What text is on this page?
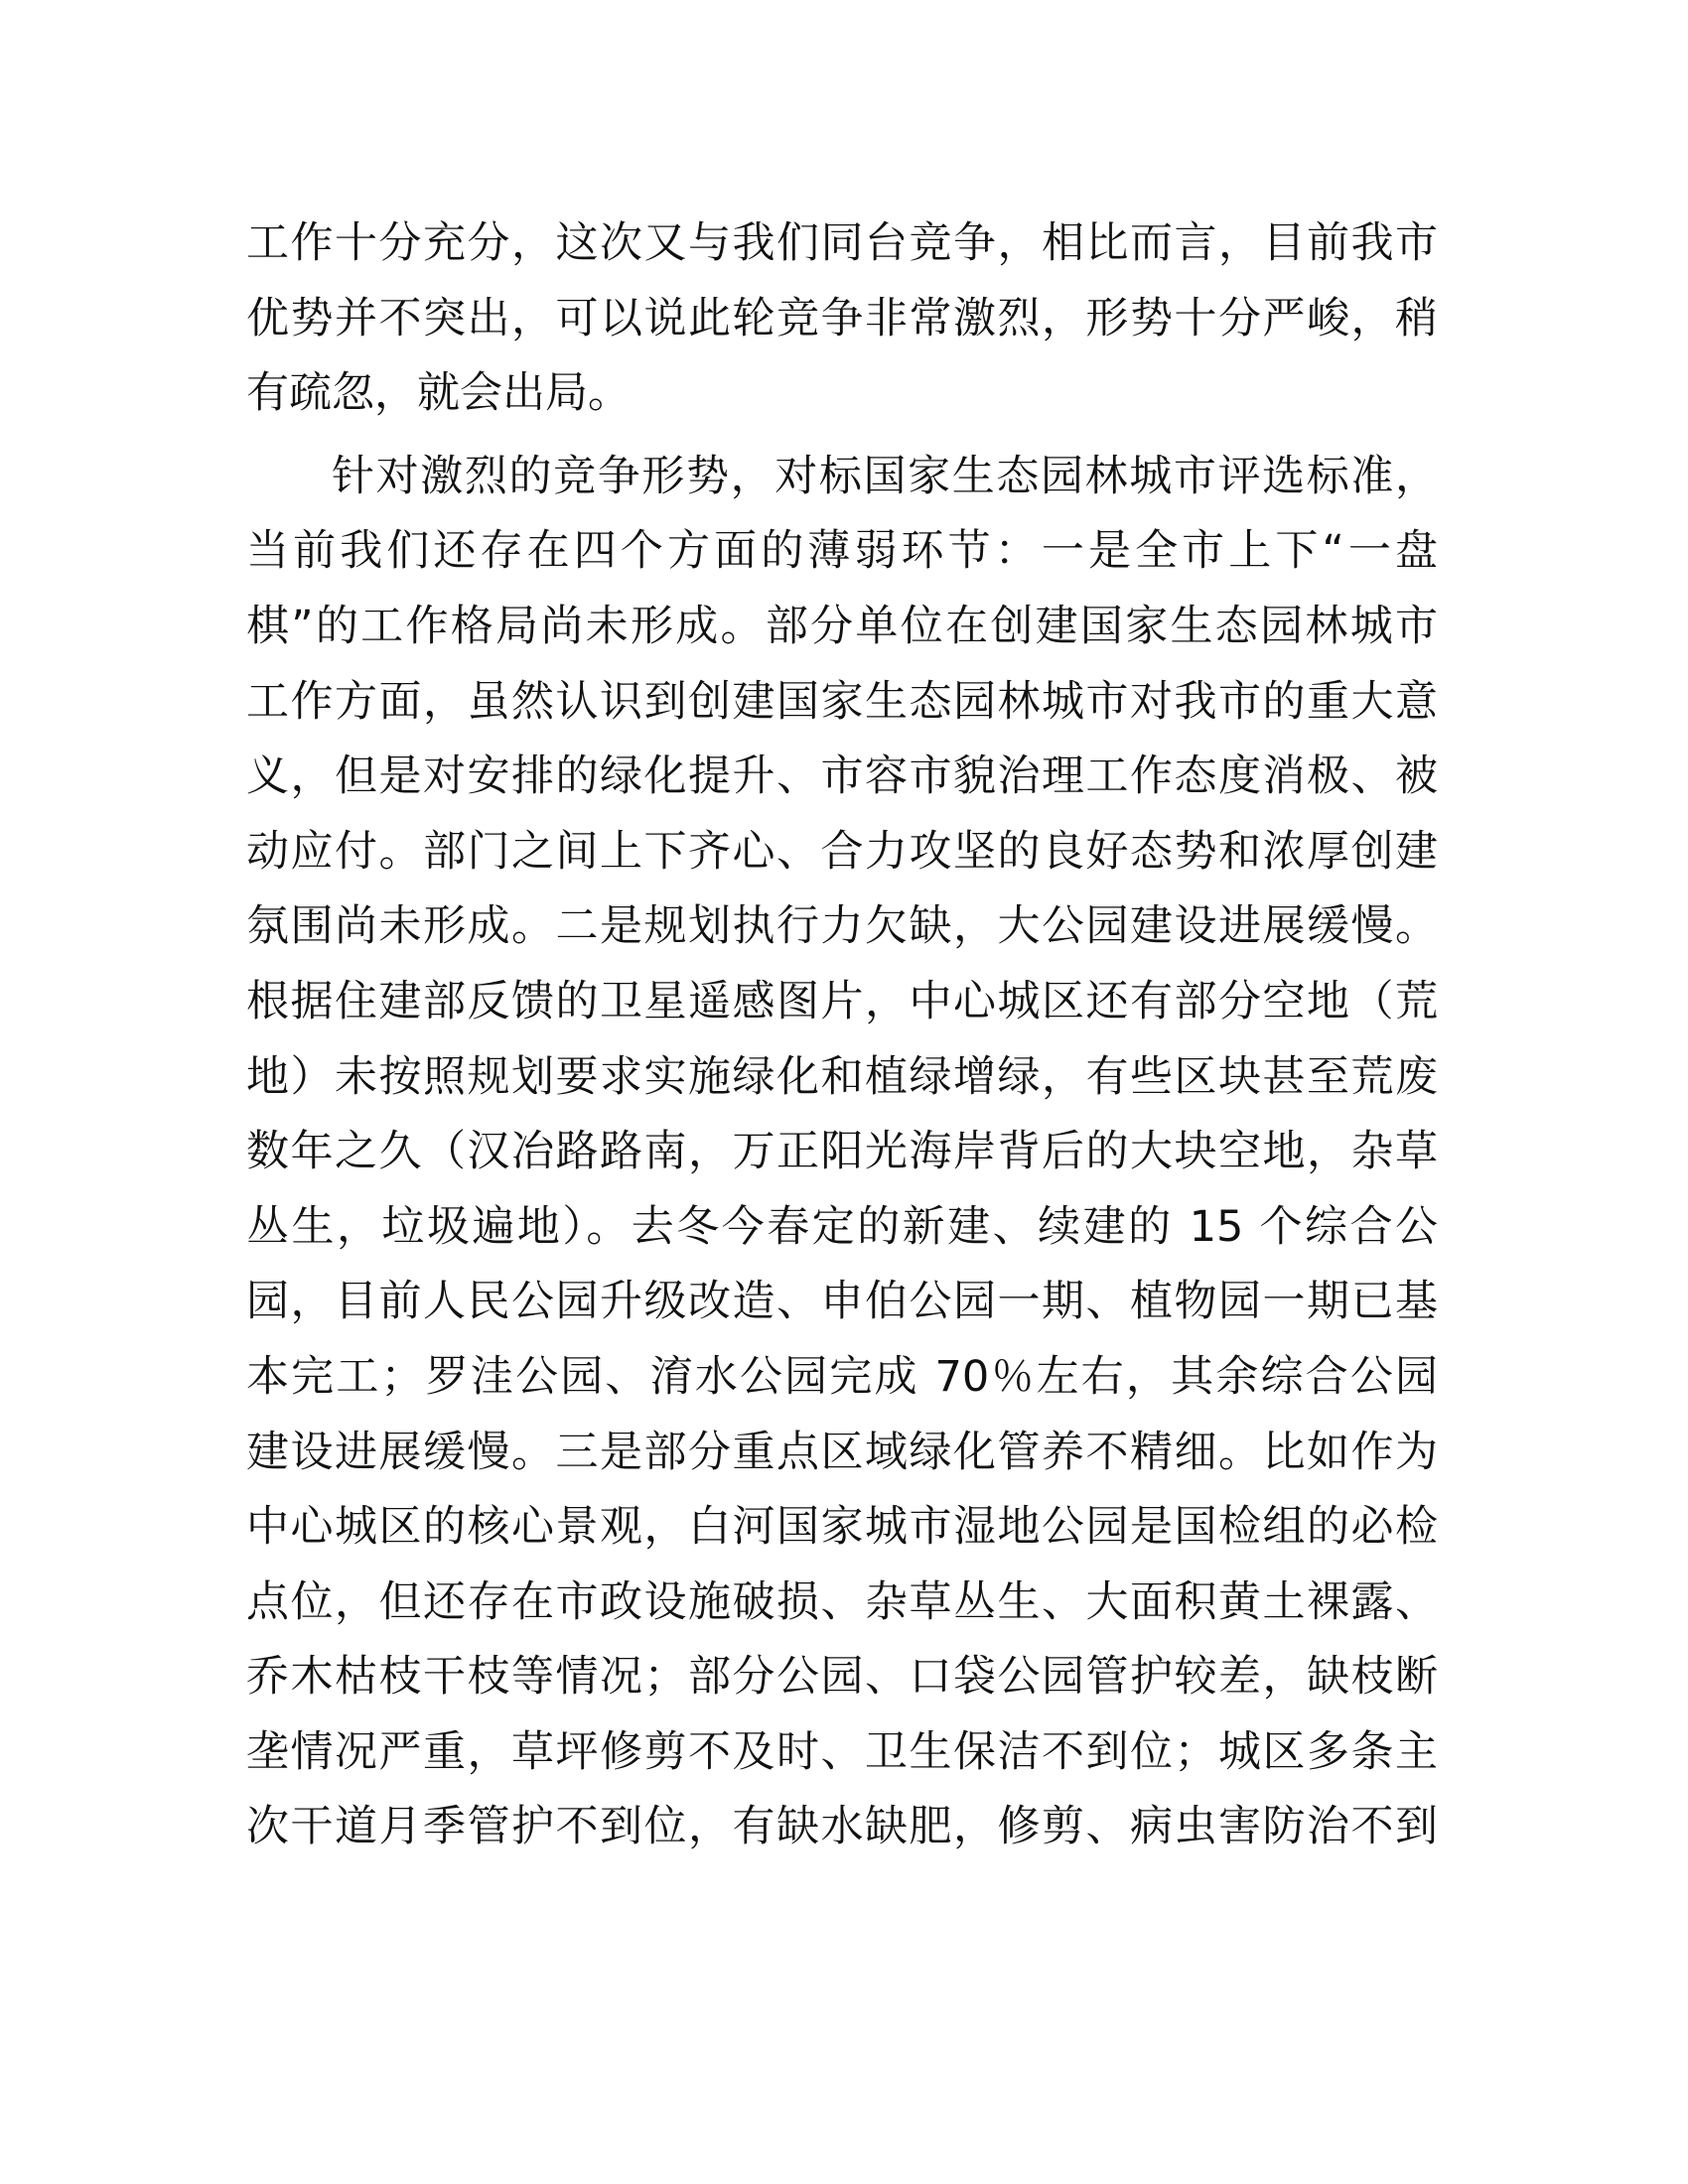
工作十分充分，这次又与我们同台竞争，相比而言，目前我市
优势并不突出，可以说此轮竞争非常激烈，形势十分严峻，稍
有疏忽，就会出局。
针对激烈的竞争形势，对标国家生态园林城市评选标准，
当前我们还存在四个方面的薄弱环节：一是全市上下“一盘
棋”的工作格局尚未形成。部分单位在创建国家生态园林城市
工作方面，虽然认识到创建国家生态园林城市对我市的重大意
义，但是对安排的绿化提升、市容市貌治理工作态度消极、被
动应付。部门之间上下齐心、合力攻坚的良好态势和浓厚创建
氛围尚未形成。二是规划执行力欠缺，大公园建设进展缓慢。
根据住建部反馈的卫星遥感图片，中心城区还有部分空地（荒
地）未按照规划要求实施绿化和植绿增绿，有些区块甚至荒废
数年之久（汉冶路路南，万正阳光海岸背后的大块空地，杂草
丛生，垃圾遍地）。去冬今春定的新建、续建的 15 个综合公
园，目前人民公园升级改造、申伯公园一期、植物园一期已基
本完工；罗洼公园、淯水公园完成 70％左右，其余综合公园
建设进展缓慢。三是部分重点区域绿化管养不精细。比如作为
中心城区的核心景观，白河国家城市湿地公园是国检组的必检
点位，但还存在市政设施破损、杂草丛生、大面积黄土裸露、
乔木枯枝干枝等情况；部分公园、口袋公园管护较差，缺枝断
垄情况严重，草坪修剪不及时、卫生保洁不到位；城区多条主
次干道月季管护不到位，有缺水缺肥，修剪、病虫害防治不到
